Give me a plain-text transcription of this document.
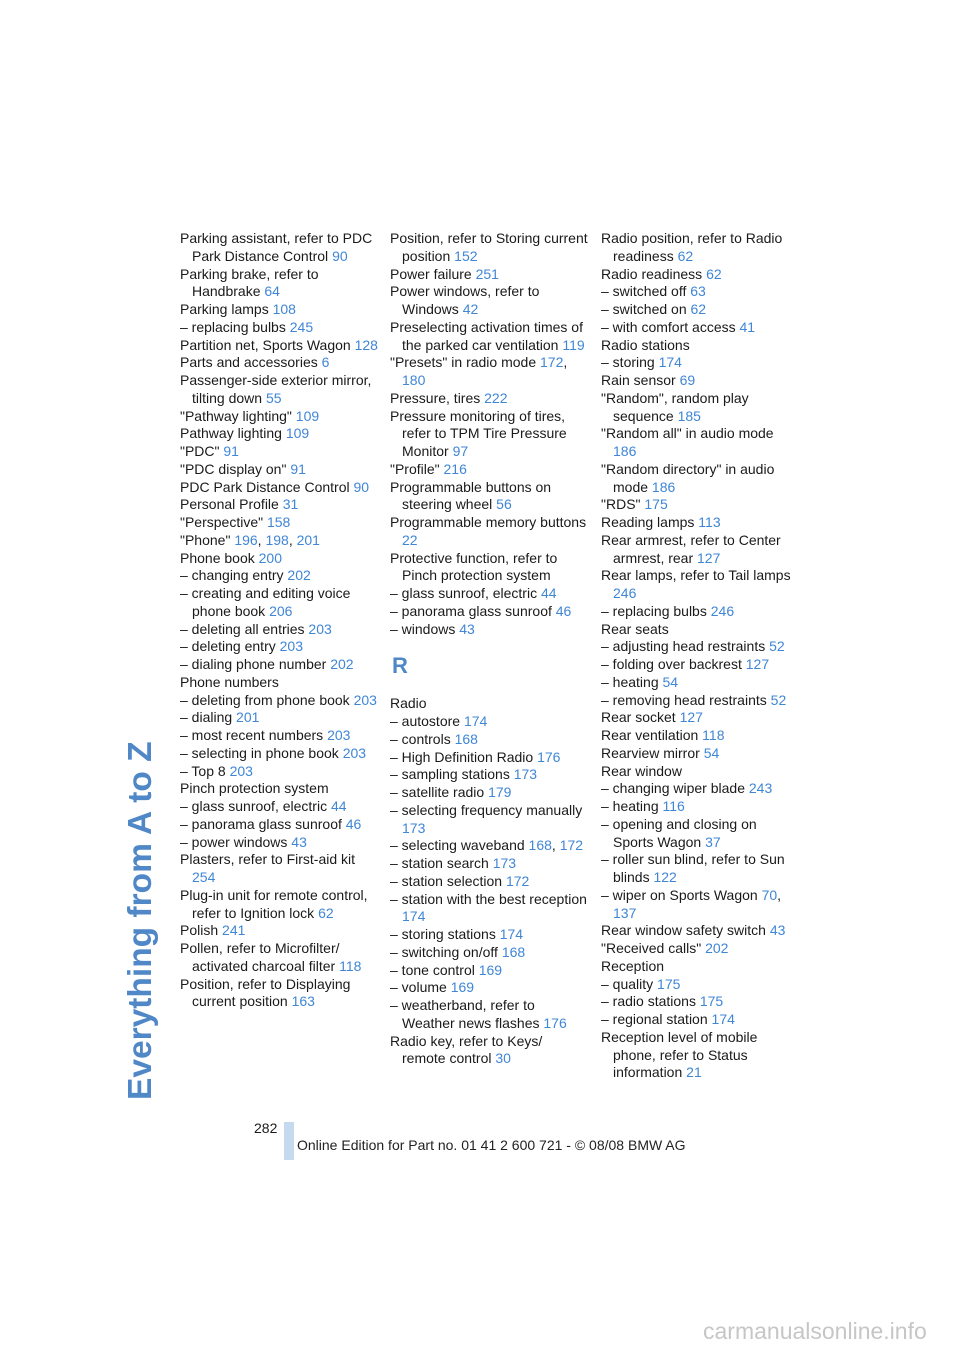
Everything from A to Z
Parking assistant, refer to PDC Park Distance Control 90
Parking brake, refer to Handbrake 64
Parking lamps 108
– replacing bulbs 245
Partition net, Sports Wagon 128
Parts and accessories 6
Passenger-side exterior mirror, tilting down 55
"Pathway lighting" 109
Pathway lighting 109
"PDC" 91
"PDC display on" 91
PDC Park Distance Control 90
Personal Profile 31
"Perspective" 158
"Phone" 196, 198, 201
Phone book 200
– changing entry 202
– creating and editing voice phone book 206
– deleting all entries 203
– deleting entry 203
– dialing phone number 202
Phone numbers
– deleting from phone book 203
– dialing 201
– most recent numbers 203
– selecting in phone book 203
– Top 8 203
Pinch protection system
– glass sunroof, electric 44
– panorama glass sunroof 46
– power windows 43
Plasters, refer to First-aid kit 254
Plug-in unit for remote control, refer to Ignition lock 62
Polish 241
Pollen, refer to Microfilter/ activated charcoal filter 118
Position, refer to Displaying current position 163
Position, refer to Storing current position 152
Power failure 251
Power windows, refer to Windows 42
Preselecting activation times of the parked car ventilation 119
"Presets" in radio mode 172, 180
Pressure, tires 222
Pressure monitoring of tires, refer to TPM Tire Pressure Monitor 97
"Profile" 216
Programmable buttons on steering wheel 56
Programmable memory buttons 22
Protective function, refer to Pinch protection system
– glass sunroof, electric 44
– panorama glass sunroof 46
– windows 43
R
Radio
– autostore 174
– controls 168
– High Definition Radio 176
– sampling stations 173
– satellite radio 179
– selecting frequency manually 173
– selecting waveband 168, 172
– station search 173
– station selection 172
– station with the best reception 174
– storing stations 174
– switching on/off 168
– tone control 169
– volume 169
– weatherband, refer to Weather news flashes 176
Radio key, refer to Keys/ remote control 30
Radio position, refer to Radio readiness 62
Radio readiness 62
– switched off 63
– switched on 62
– with comfort access 41
Radio stations
– storing 174
Rain sensor 69
"Random", random play sequence 185
"Random all" in audio mode 186
"Random directory" in audio mode 186
"RDS" 175
Reading lamps 113
Rear armrest, refer to Center armrest, rear 127
Rear lamps, refer to Tail lamps 246
– replacing bulbs 246
Rear seats
– adjusting head restraints 52
– folding over backrest 127
– heating 54
– removing head restraints 52
Rear socket 127
Rear ventilation 118
Rearview mirror 54
Rear window
– changing wiper blade 243
– heating 116
– opening and closing on Sports Wagon 37
– roller sun blind, refer to Sun blinds 122
– wiper on Sports Wagon 70, 137
Rear window safety switch 43
"Received calls" 202
Reception
– quality 175
– radio stations 175
– regional station 174
Reception level of mobile phone, refer to Status information 21
282
Online Edition for Part no. 01 41 2 600 721 - © 08/08 BMW AG
carmanualsonline.info
